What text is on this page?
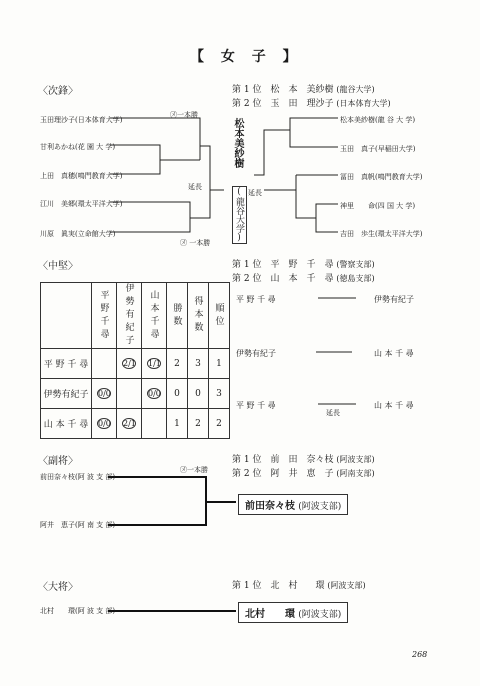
【 女 子 】
〈次鋒〉	第 1 位　松　本　美紗樹 (龍谷大学)
第 2 位　玉　田　理沙子 (日本体育大学)
玉田理沙子(日本体育大学)
甘利あかね(花 園 大 学)
上田　真穂(鳴門教育大学)
江川　美郷(環太平洋大学)
川原　眞実(立命館大学)
松本美紗樹(龍 谷 大 学)
玉田　真子(早稲田大学)
冨田　真帆(鳴門教育大学)
神里　　命(四 国 大 学)
吉田　歩生(環太平洋大学)
松本美紗樹
(龍谷大学)
延長
延長
㋱一本勝
㋱ 一本勝
〈中堅〉	第 1 位　平　野　千　尋 (警察支部)
第 2 位　山　本　千　尋 (徳島支部)

	平野千尋	伊勢有紀子	山本千尋	勝数	得本数	順位

平 野 千 尋		2/1	1/1	2	3	1
伊勢有紀子	0/0		0/0	0	0	3
山 本 千 尋	0/0	2/1		1	2	2
平 野 千 尋	伊勢有紀子
伊勢有紀子	山 本 千 尋
平 野 千 尋	山 本 千 尋
延長
〈副将〉	第 1 位　前　田　奈々枝 (阿波支部)
第 2 位　阿　井　恵　子 (阿南支部)
前田奈々枝(阿 波 支 部)
阿井　恵子(阿 南 支 部)
㋱一本勝
前田奈々枝 (阿波支部)
〈大将〉	第 1 位　北　村　　環 (阿波支部)
北村　　環(阿 波 支 部)	北村　　環 (阿波支部)
268
